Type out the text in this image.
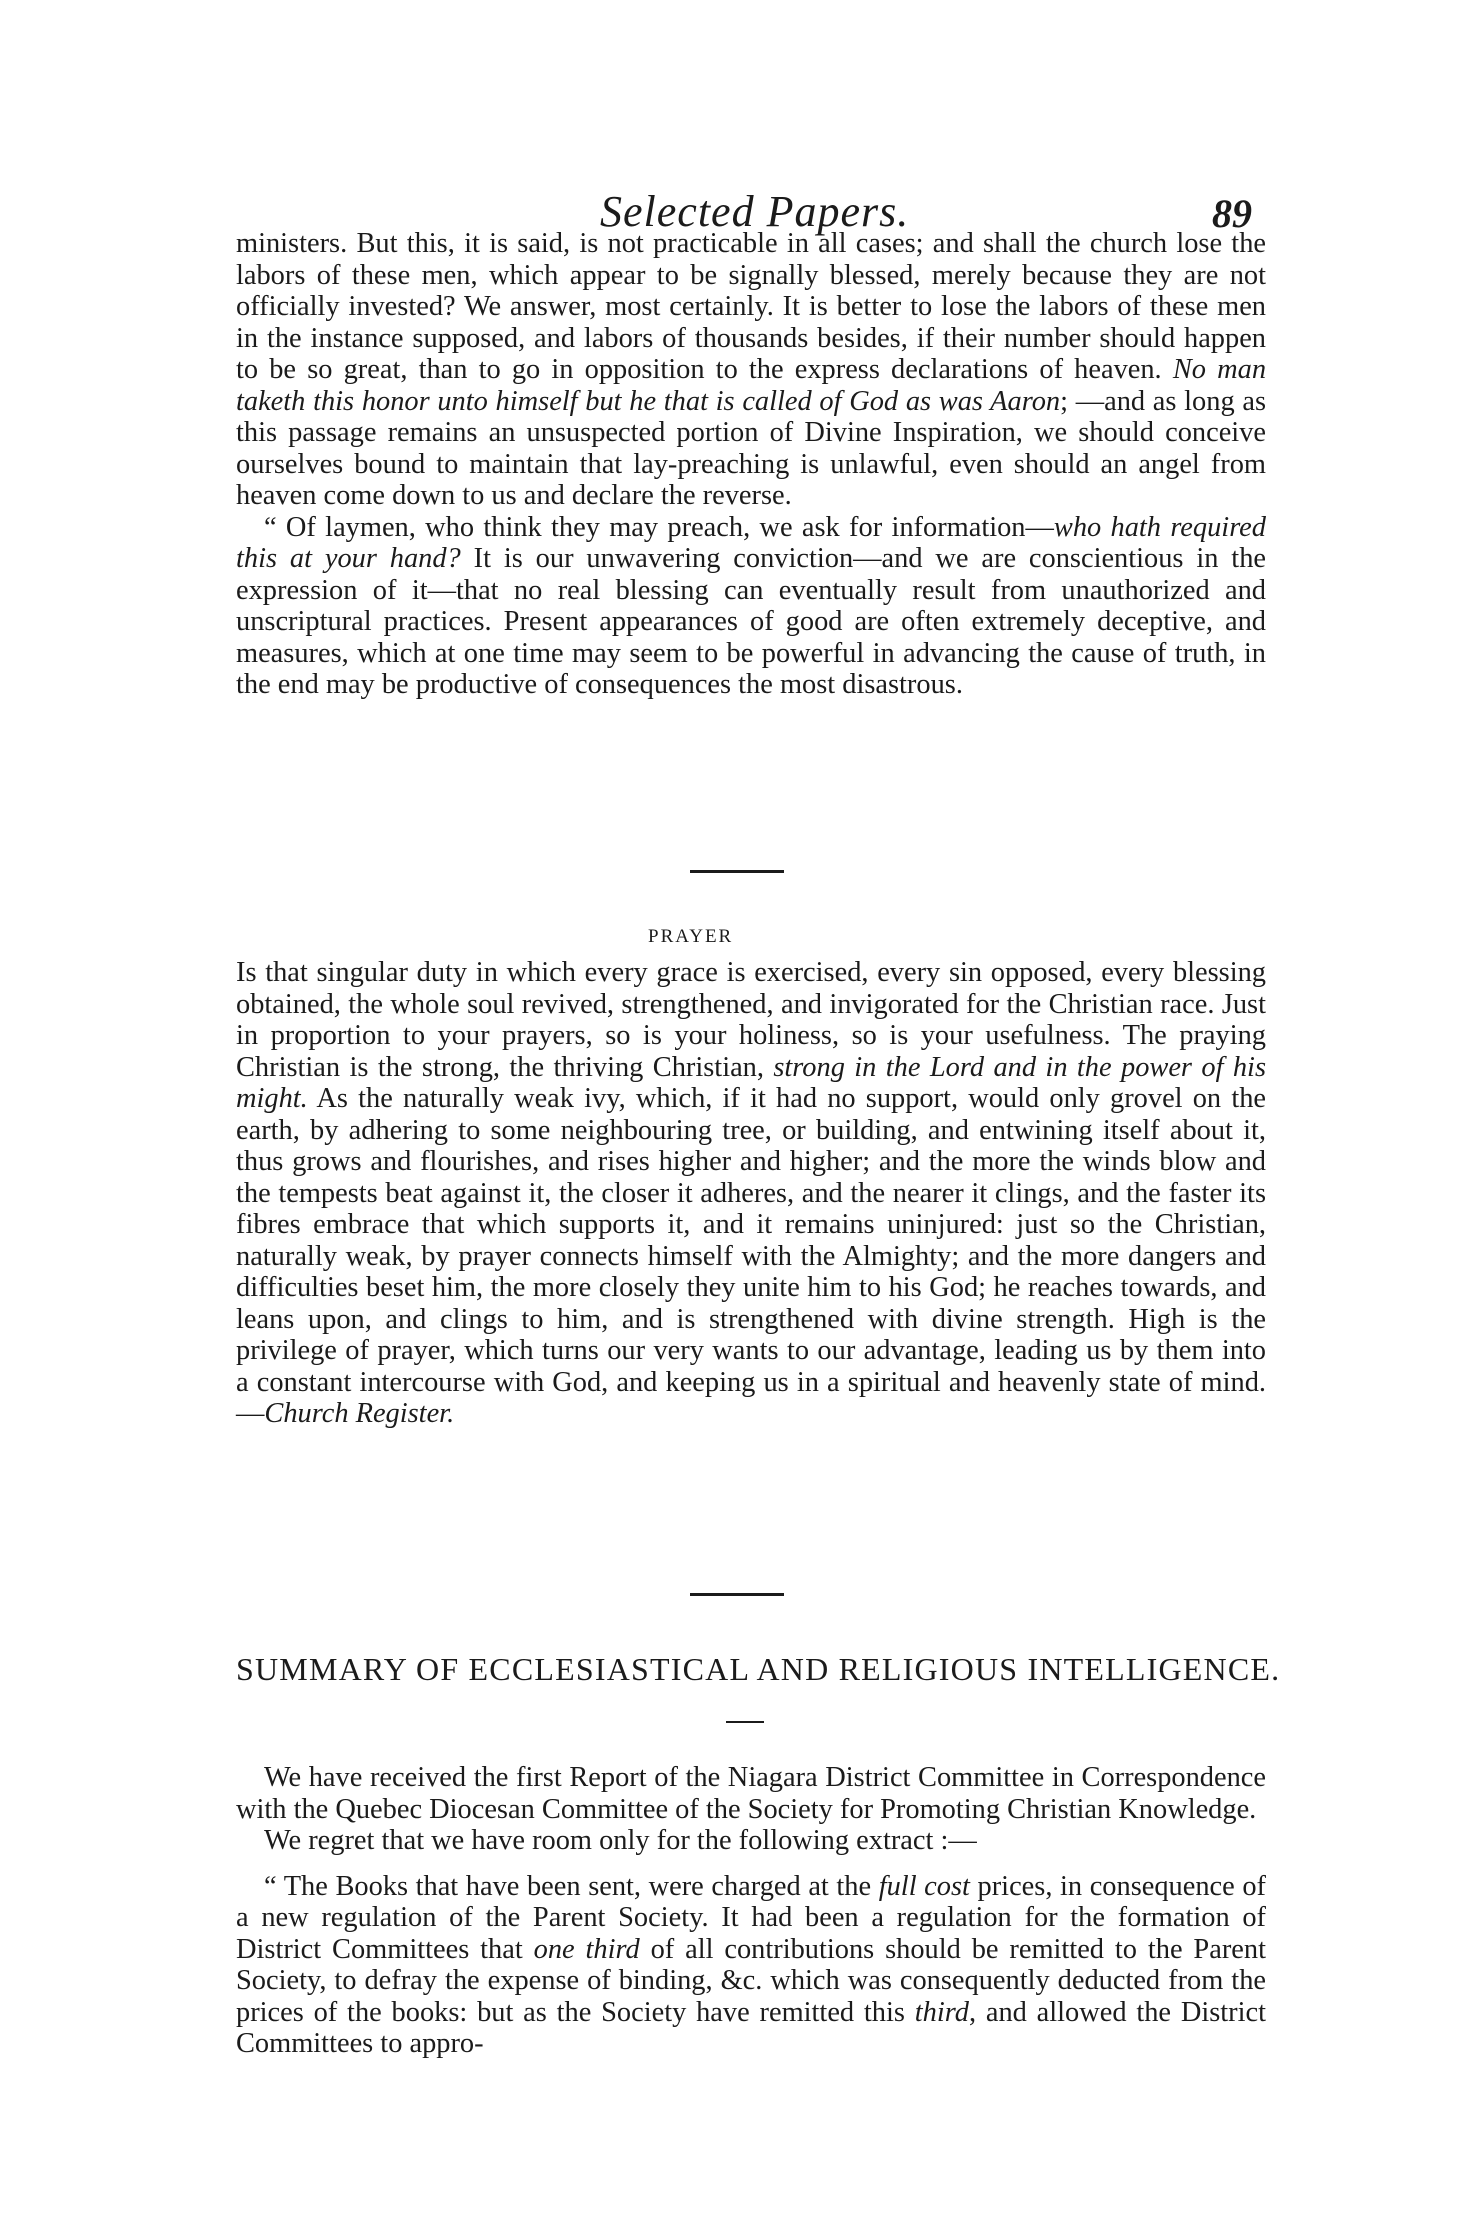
Selected Papers.	89

ministers. But this, it is said, is not practicable in all cases; and shall the church lose the labors of these men, which appear to be signally blessed, merely because they are not officially invested? We answer, most certainly. It is better to lose the labors of these men in the instance supposed, and labors of thousands besides, if their number should happen to be so great, than to go in opposition to the express declarations of heaven. No man taketh this honor unto himself but he that is called of God as was Aaron; —and as long as this passage remains an unsuspected portion of Divine Inspiration, we should conceive ourselves bound to maintain that lay-preaching is unlawful, even should an angel from heaven come down to us and declare the reverse.

“ Of laymen, who think they may preach, we ask for information—who hath required this at your hand? It is our unwavering conviction—and we are conscientious in the expression of it—that no real blessing can eventually result from unauthorized and unscriptural practices. Present appearances of good are often extremely deceptive, and measures, which at one time may seem to be powerful in advancing the cause of truth, in the end may be productive of consequences the most disastrous.

PRAYER

Is that singular duty in which every grace is exercised, every sin opposed, every blessing obtained, the whole soul revived, strengthened, and invigorated for the Christian race. Just in proportion to your prayers, so is your holiness, so is your usefulness. The praying Christian is the strong, the thriving Christian, strong in the Lord and in the power of his might. As the naturally weak ivy, which, if it had no support, would only grovel on the earth, by adhering to some neighbouring tree, or building, and entwining itself about it, thus grows and flourishes, and rises higher and higher; and the more the winds blow and the tempests beat against it, the closer it adheres, and the nearer it clings, and the faster its fibres embrace that which supports it, and it remains uninjured: just so the Christian, naturally weak, by prayer connects himself with the Almighty; and the more dangers and difficulties beset him, the more closely they unite him to his God; he reaches towards, and leans upon, and clings to him, and is strengthened with divine strength. High is the privilege of prayer, which turns our very wants to our advantage, leading us by them into a constant intercourse with God, and keeping us in a spiritual and heavenly state of mind.—Church Register.

SUMMARY OF ECCLESIASTICAL AND RELIGIOUS INTELLIGENCE.

We have received the first Report of the Niagara District Committee in Correspondence with the Quebec Diocesan Committee of the Society for Promoting Christian Knowledge.

We regret that we have room only for the following extract :—

“ The Books that have been sent, were charged at the full cost prices, in consequence of a new regulation of the Parent Society. It had been a regulation for the formation of District Committees that one third of all contributions should be remitted to the Parent Society, to defray the expense of binding, &c. which was consequently deducted from the prices of the books: but as the Society have remitted this third, and allowed the District Committees to appro-
